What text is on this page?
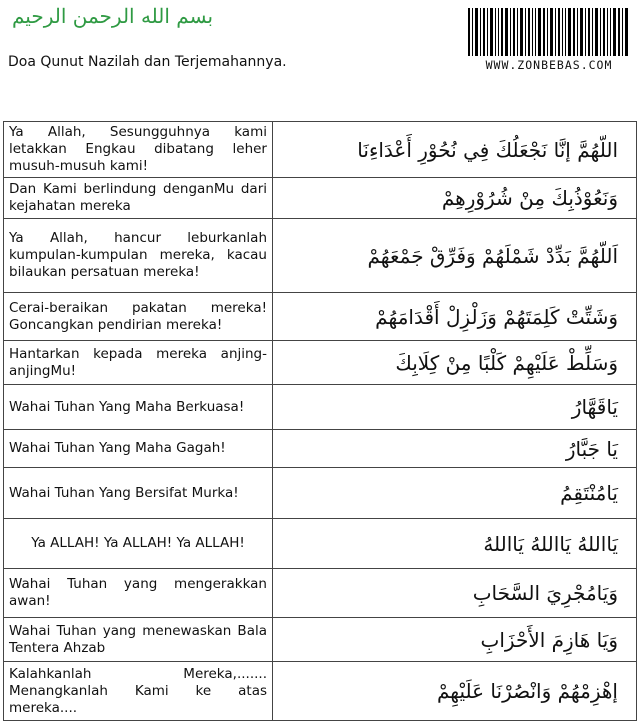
بسم الله الرحمن الرحيم
Doa Qunut Nazilah dan Terjemahannya.	WWW.ZONBEBAS.COM
Ya Allah, Sesungguhnya kami letakkan Engkau dibatang leher musuh-musuh kami!	اللّهُمَّ إنَّا نَجْعَلُكَ فِي نُحُوْرِ أَعْدَاءِنَا
Dan Kami berlindung denganMu dari kejahatan mereka	وَنَعُوْذُبِكَ مِنْ شُرُوْرِهِمْ
Ya Allah, hancur leburkanlah kumpulan-kumpulan mereka, kacau bilaukan persatuan mereka!	اَللّهُمَّ بَدِّدْ شَمْلَهُمْ وَفَرِّقْ جَمْعَهُمْ
Cerai-beraikan pakatan mereka! Goncangkan pendirian mereka!	وَشَتِّتْ كَلِمَتَهُمْ وَزَلْزِلْ أَقْدَامَهُمْ
Hantarkan kepada mereka anjing-anjingMu!	وَسَلِّطْ عَلَيْهِمْ كَلْبًا مِنْ كِلَابِكَ
Wahai Tuhan Yang Maha Berkuasa!	يَاقَهَّارُ
Wahai Tuhan Yang Maha Gagah!	يَا جَبَّارُ
Wahai Tuhan Yang Bersifat Murka!	يَامُنْتَقِمُ
Ya ALLAH! Ya ALLAH! Ya ALLAH!	يَااللهُ يَااللهُ يَااللهُ
Wahai Tuhan yang mengerakkan awan!	وَيَامُجْرِيَ السَّحَابِ
Wahai Tuhan yang menewaskan Bala Tentera Ahzab	وَيَا هَازِمَ الأَحْزَابِ
Kalahkanlah Mereka,....... Menangkanlah Kami ke atas mereka....	إهْزِمْهُمْ وَانْصُرْنَا عَلَيْهِمْ
